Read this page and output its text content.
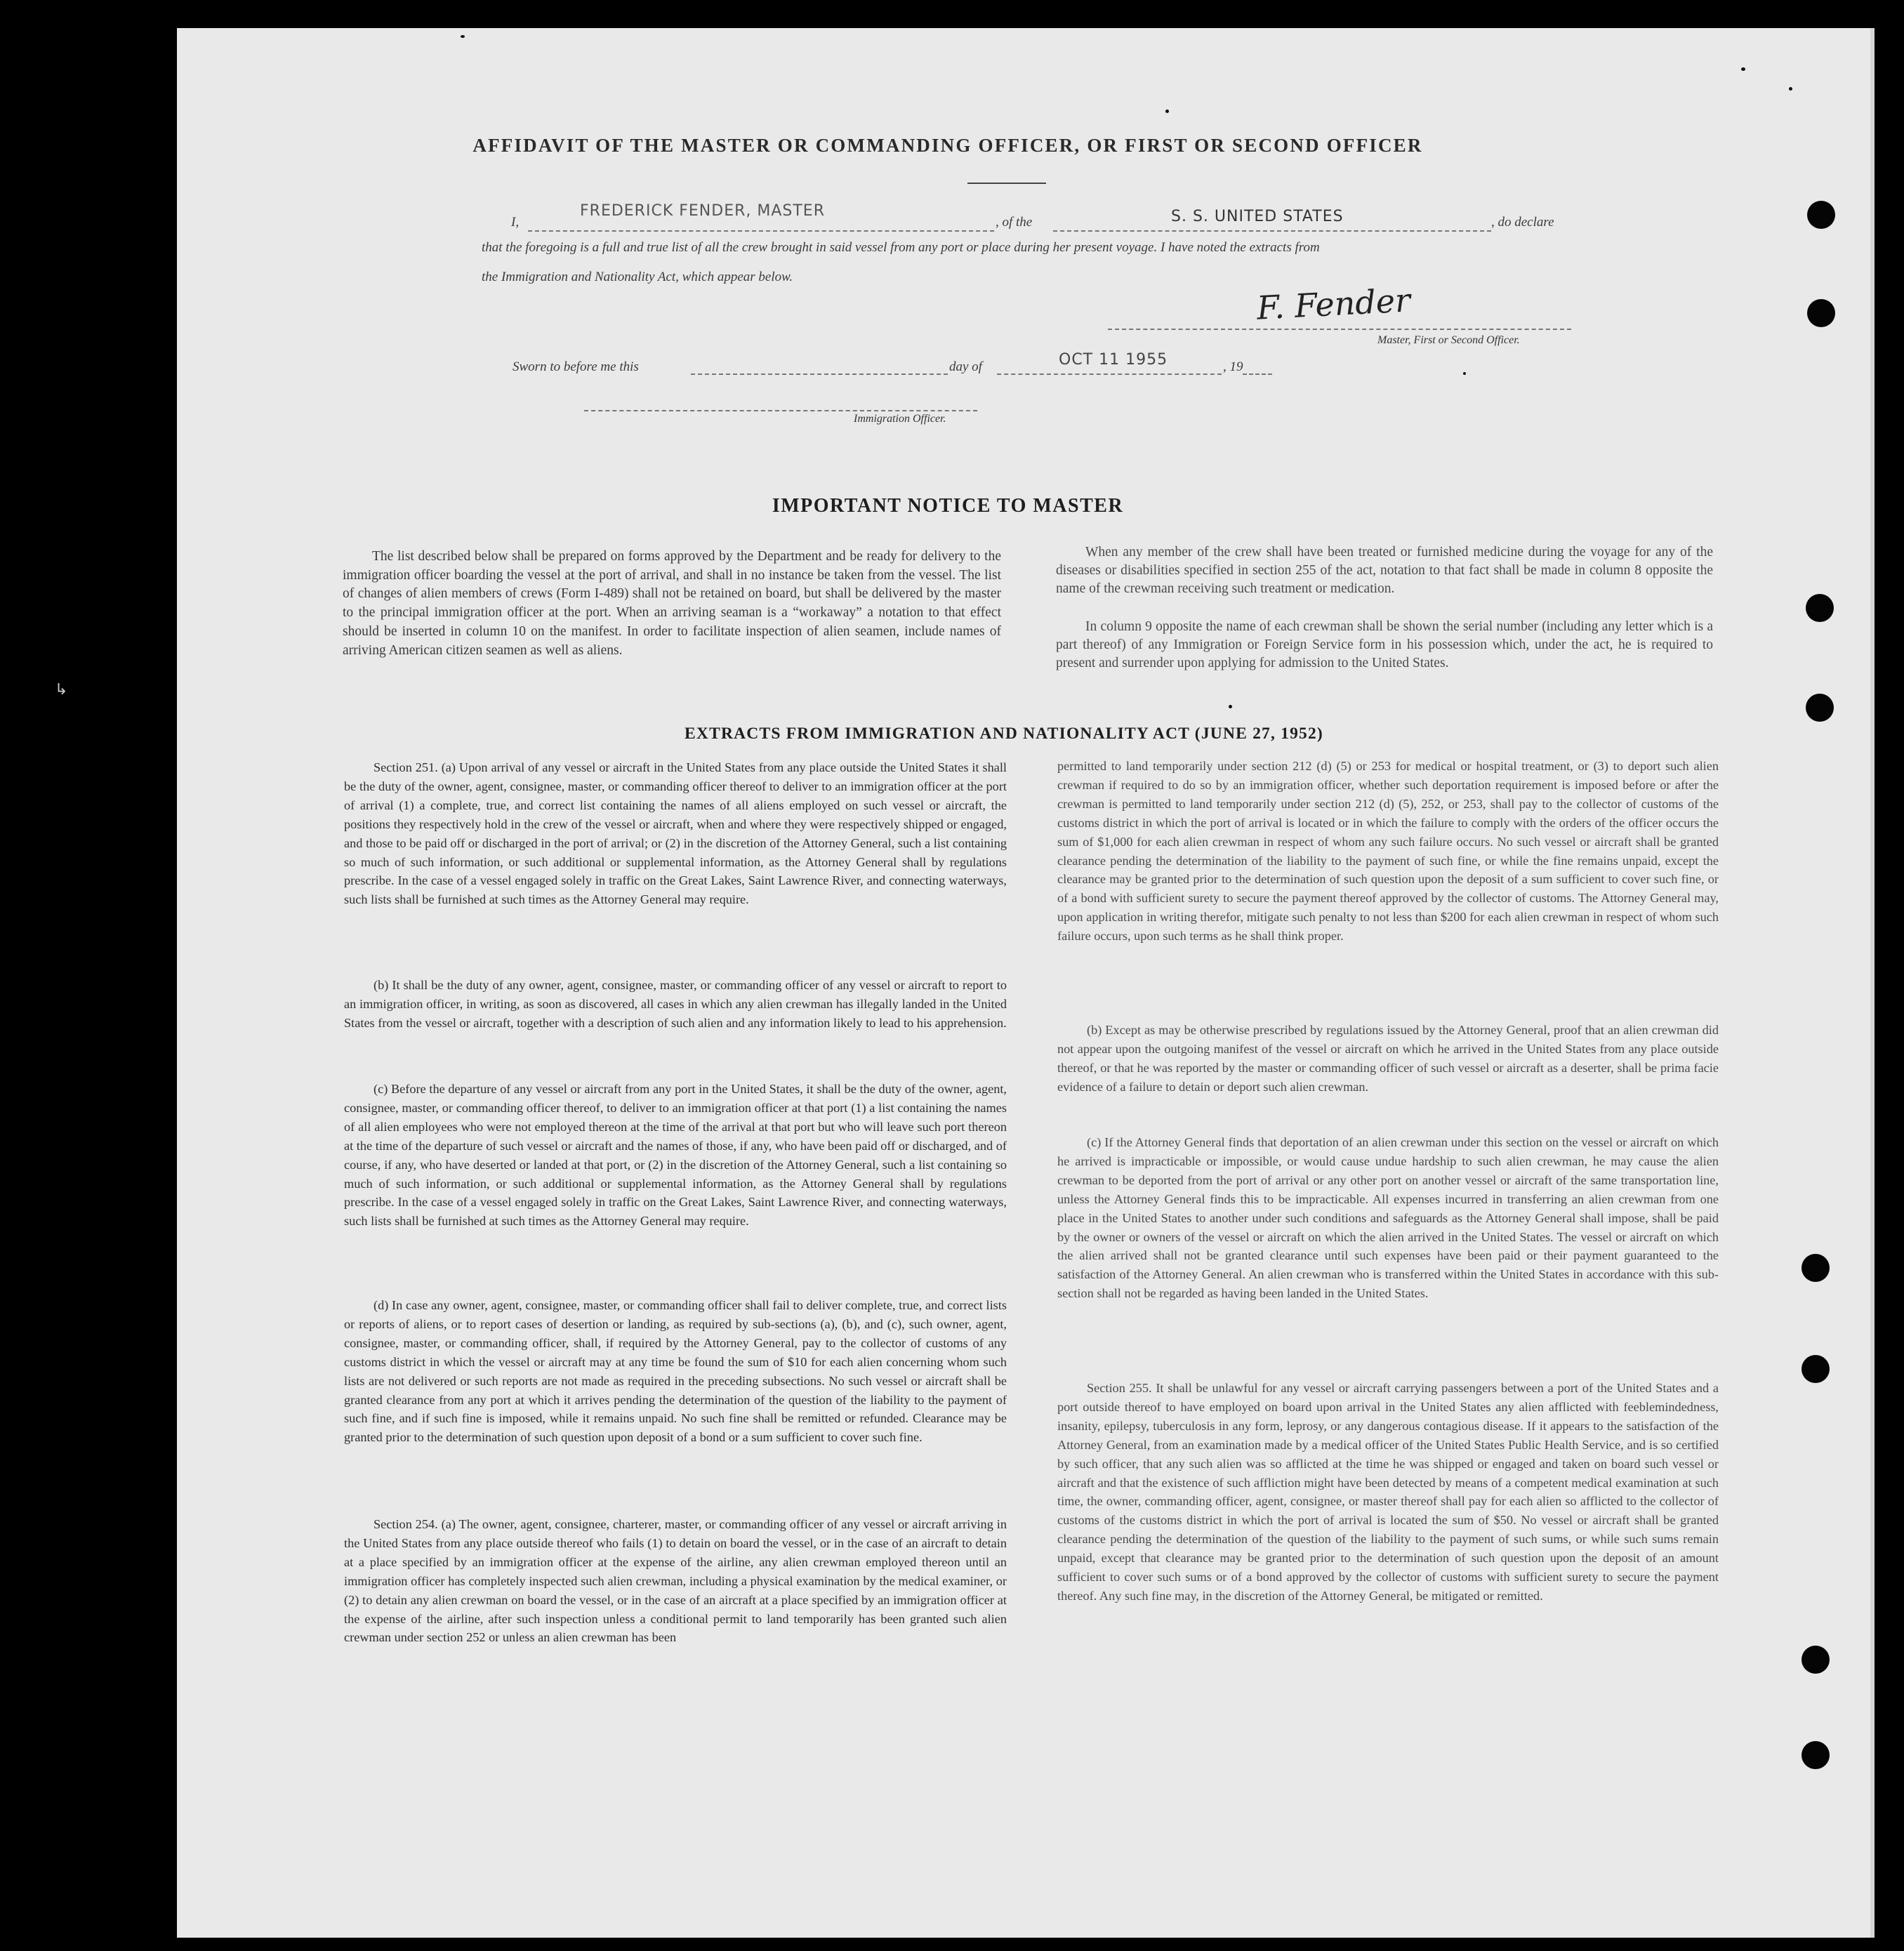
↳
AFFIDAVIT OF THE MASTER OR COMMANDING OFFICER, OR FIRST OR SECOND OFFICER
I,
FREDERICK FENDER, MASTER
, of the	S. S. UNITED STATES	, do declare
that the foregoing is a full and true list of all the crew brought in said vessel from any port or place during her present voyage. I have noted the extracts from
the Immigration and Nationality Act, which appear below.
F. Fender
Master, First or Second Officer.
Sworn to before me this	day of	OCT 11 1955	, 19
Immigration Officer.
IMPORTANT NOTICE TO MASTER
The list described below shall be prepared on forms approved by the Department and be ready for delivery to the immigration officer boarding the vessel at the port of arrival, and shall in no instance be taken from the vessel. The list of changes of alien members of crews (Form I-489) shall not be retained on board, but shall be delivered by the master to the principal immigration officer at the port. When an arriving seaman is a “workaway” a notation to that effect should be inserted in column 10 on the manifest. In order to facilitate inspection of alien seamen, include names of arriving American citizen seamen as well as aliens.
When any member of the crew shall have been treated or furnished medicine during the voyage for any of the diseases or disabilities specified in section 255 of the act, notation to that fact shall be made in column 8 opposite the name of the crewman receiving such treatment or medication.
In column 9 opposite the name of each crewman shall be shown the serial number (including any letter which is a part thereof) of any Immigration or Foreign Service form in his possession which, under the act, he is required to present and surrender upon applying for admission to the United States.
EXTRACTS FROM IMMIGRATION AND NATIONALITY ACT (JUNE 27, 1952)
Section 251. (a) Upon arrival of any vessel or aircraft in the United States from any place outside the United States it shall be the duty of the owner, agent, consignee, master, or commanding officer thereof to deliver to an immigration officer at the port of arrival (1) a complete, true, and correct list containing the names of all aliens employed on such vessel or aircraft, the positions they respectively hold in the crew of the vessel or aircraft, when and where they were respectively shipped or engaged, and those to be paid off or discharged in the port of arrival; or (2) in the discretion of the Attorney General, such a list containing so much of such information, or such additional or supplemental information, as the Attorney General shall by regulations prescribe. In the case of a vessel engaged solely in traffic on the Great Lakes, Saint Lawrence River, and connecting waterways, such lists shall be furnished at such times as the Attorney General may require.
(b) It shall be the duty of any owner, agent, consignee, master, or commanding officer of any vessel or aircraft to report to an immigration officer, in writing, as soon as discovered, all cases in which any alien crewman has illegally landed in the United States from the vessel or aircraft, together with a description of such alien and any information likely to lead to his apprehension.
(c) Before the departure of any vessel or aircraft from any port in the United States, it shall be the duty of the owner, agent, consignee, master, or commanding officer thereof, to deliver to an immigration officer at that port (1) a list containing the names of all alien employees who were not employed thereon at the time of the arrival at that port but who will leave such port thereon at the time of the departure of such vessel or aircraft and the names of those, if any, who have been paid off or discharged, and of course, if any, who have deserted or landed at that port, or (2) in the discretion of the Attorney General, such a list containing so much of such information, or such additional or supplemental information, as the Attorney General shall by regulations prescribe. In the case of a vessel engaged solely in traffic on the Great Lakes, Saint Lawrence River, and connecting waterways, such lists shall be furnished at such times as the Attorney General may require.
(d) In case any owner, agent, consignee, master, or commanding officer shall fail to deliver complete, true, and correct lists or reports of aliens, or to report cases of desertion or landing, as required by sub-sections (a), (b), and (c), such owner, agent, consignee, master, or commanding officer, shall, if required by the Attorney General, pay to the collector of customs of any customs district in which the vessel or aircraft may at any time be found the sum of $10 for each alien concerning whom such lists are not delivered or such reports are not made as required in the preceding subsections. No such vessel or aircraft shall be granted clearance from any port at which it arrives pending the determination of the question of the liability to the payment of such fine, and if such fine is imposed, while it remains unpaid. No such fine shall be remitted or refunded. Clearance may be granted prior to the determination of such question upon deposit of a bond or a sum sufficient to cover such fine.
Section 254. (a) The owner, agent, consignee, charterer, master, or commanding officer of any vessel or aircraft arriving in the United States from any place outside thereof who fails (1) to detain on board the vessel, or in the case of an aircraft to detain at a place specified by an immigration officer at the expense of the airline, any alien crewman employed thereon until an immigration officer has completely inspected such alien crewman, including a physical examination by the medical examiner, or (2) to detain any alien crewman on board the vessel, or in the case of an aircraft at a place specified by an immigration officer at the expense of the airline, after such inspection unless a conditional permit to land temporarily has been granted such alien crewman under section 252 or unless an alien crewman has been
permitted to land temporarily under section 212 (d) (5) or 253 for medical or hospital treatment, or (3) to deport such alien crewman if required to do so by an immigration officer, whether such deportation requirement is imposed before or after the crewman is permitted to land temporarily under section 212 (d) (5), 252, or 253, shall pay to the collector of customs of the customs district in which the port of arrival is located or in which the failure to comply with the orders of the officer occurs the sum of $1,000 for each alien crewman in respect of whom any such failure occurs. No such vessel or aircraft shall be granted clearance pending the determination of the liability to the payment of such fine, or while the fine remains unpaid, except the clearance may be granted prior to the determination of such question upon the deposit of a sum sufficient to cover such fine, or of a bond with sufficient surety to secure the payment thereof approved by the collector of customs. The Attorney General may, upon application in writing therefor, mitigate such penalty to not less than $200 for each alien crewman in respect of whom such failure occurs, upon such terms as he shall think proper.
(b) Except as may be otherwise prescribed by regulations issued by the Attorney General, proof that an alien crewman did not appear upon the outgoing manifest of the vessel or aircraft on which he arrived in the United States from any place outside thereof, or that he was reported by the master or commanding officer of such vessel or aircraft as a deserter, shall be prima facie evidence of a failure to detain or deport such alien crewman.
(c) If the Attorney General finds that deportation of an alien crewman under this section on the vessel or aircraft on which he arrived is impracticable or impossible, or would cause undue hardship to such alien crewman, he may cause the alien crewman to be deported from the port of arrival or any other port on another vessel or aircraft of the same transportation line, unless the Attorney General finds this to be impracticable. All expenses incurred in transferring an alien crewman from one place in the United States to another under such conditions and safeguards as the Attorney General shall impose, shall be paid by the owner or owners of the vessel or aircraft on which the alien arrived in the United States. The vessel or aircraft on which the alien arrived shall not be granted clearance until such expenses have been paid or their payment guaranteed to the satisfaction of the Attorney General. An alien crewman who is transferred within the United States in accordance with this sub-section shall not be regarded as having been landed in the United States.
Section 255. It shall be unlawful for any vessel or aircraft carrying passengers between a port of the United States and a port outside thereof to have employed on board upon arrival in the United States any alien afflicted with feeblemindedness, insanity, epilepsy, tuberculosis in any form, leprosy, or any dangerous contagious disease. If it appears to the satisfaction of the Attorney General, from an examination made by a medical officer of the United States Public Health Service, and is so certified by such officer, that any such alien was so afflicted at the time he was shipped or engaged and taken on board such vessel or aircraft and that the existence of such affliction might have been detected by means of a competent medical examination at such time, the owner, commanding officer, agent, consignee, or master thereof shall pay for each alien so afflicted to the collector of customs of the customs district in which the port of arrival is located the sum of $50. No vessel or aircraft shall be granted clearance pending the determination of the question of the liability to the payment of such sums, or while such sums remain unpaid, except that clearance may be granted prior to the determination of such question upon the deposit of an amount sufficient to cover such sums or of a bond approved by the collector of customs with sufficient surety to secure the payment thereof. Any such fine may, in the discretion of the Attorney General, be mitigated or remitted.
